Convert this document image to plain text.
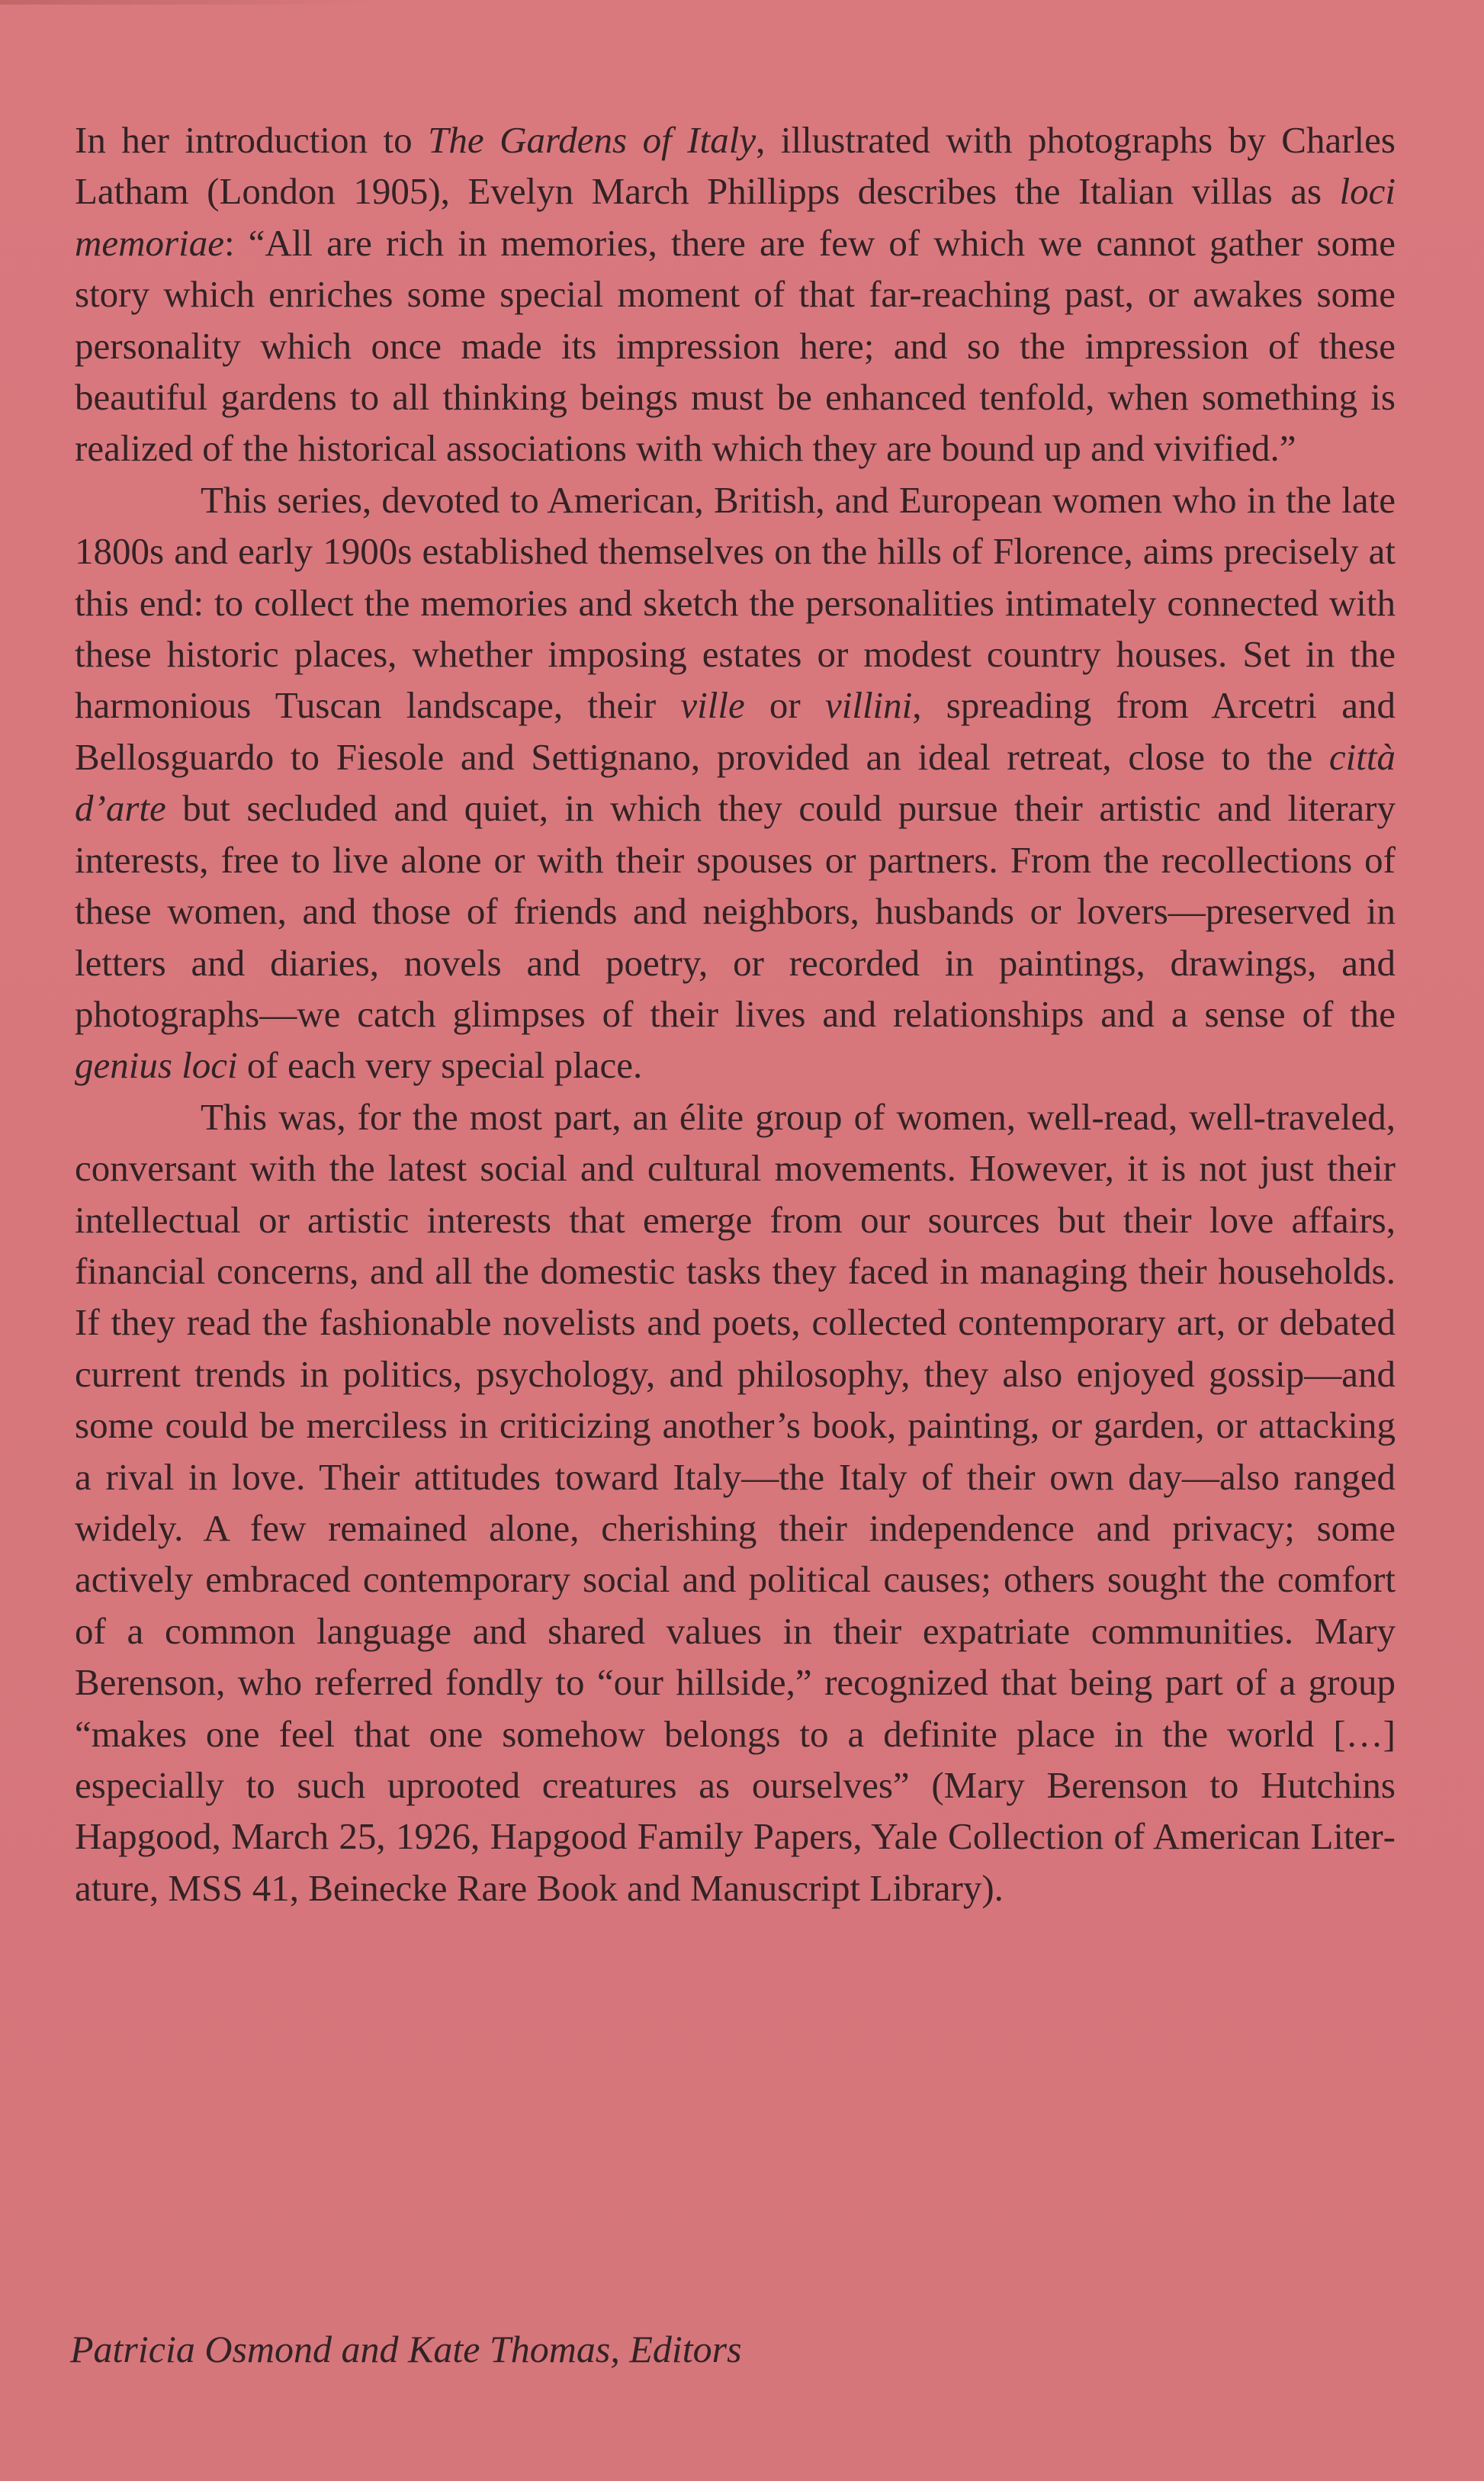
In her introduction to The Gardens of Italy, illustrated with photographs by Charles Latham (London 1905), Evelyn March Phillipps describes the Italian villas as loci memoriae: “All are rich in memories, there are few of which we cannot gather some story which enriches some special moment of that far-reaching past, or awakes some personality which once made its impression here; and so the impression of these beautiful gardens to all thinking beings must be enhanced tenfold, when something is realized of the historical associations with which they are bound up and vivified.”

This series, devoted to American, British, and European women who in the late 1800s and early 1900s established themselves on the hills of Florence, aims precisely at this end: to collect the memories and sketch the personalities intimately connected with these historic places, whether imposing estates or modest country houses. Set in the harmonious Tuscan landscape, their ville or villini, spreading from Arcetri and Bellosguardo to Fiesole and Settignano, provided an ideal retreat, close to the città d’arte but secluded and quiet, in which they could pursue their artistic and literary interests, free to live alone or with their spouses or partners. From the recollections of these women, and those of friends and neighbors, husbands or lovers—preserved in letters and diaries, novels and poetry, or recorded in paintings, drawings, and photographs—we catch glimpses of their lives and relationships and a sense of the genius loci of each very special place.

This was, for the most part, an élite group of women, well-read, well-traveled, conversant with the latest social and cultural movements. However, it is not just their intellectual or artistic interests that emerge from our sources but their love affairs, financial concerns, and all the domestic tasks they faced in managing their households. If they read the fashionable novelists and poets, collected contemporary art, or debated current trends in politics, psychology, and philosophy, they also enjoyed gossip—and some could be merciless in criticizing another’s book, painting, or garden, or attacking a rival in love. Their attitudes toward Italy—the Italy of their own day—also ranged widely. A few remained alone, cherishing their independence and privacy; some actively embraced contemporary social and political causes; others sought the comfort of a common language and shared values in their expatriate communities. Mary Berenson, who referred fondly to “our hillside,” recognized that being part of a group “makes one feel that one somehow belongs to a definite place in the world […] especially to such uprooted creatures as ourselves” (Mary Berenson to Hutchins Hapgood, March 25, 1926, Hapgood Family Papers, Yale Collection of American Literature, MSS 41, Beinecke Rare Book and Manuscript Library).

Patricia Osmond and Kate Thomas, Editors
